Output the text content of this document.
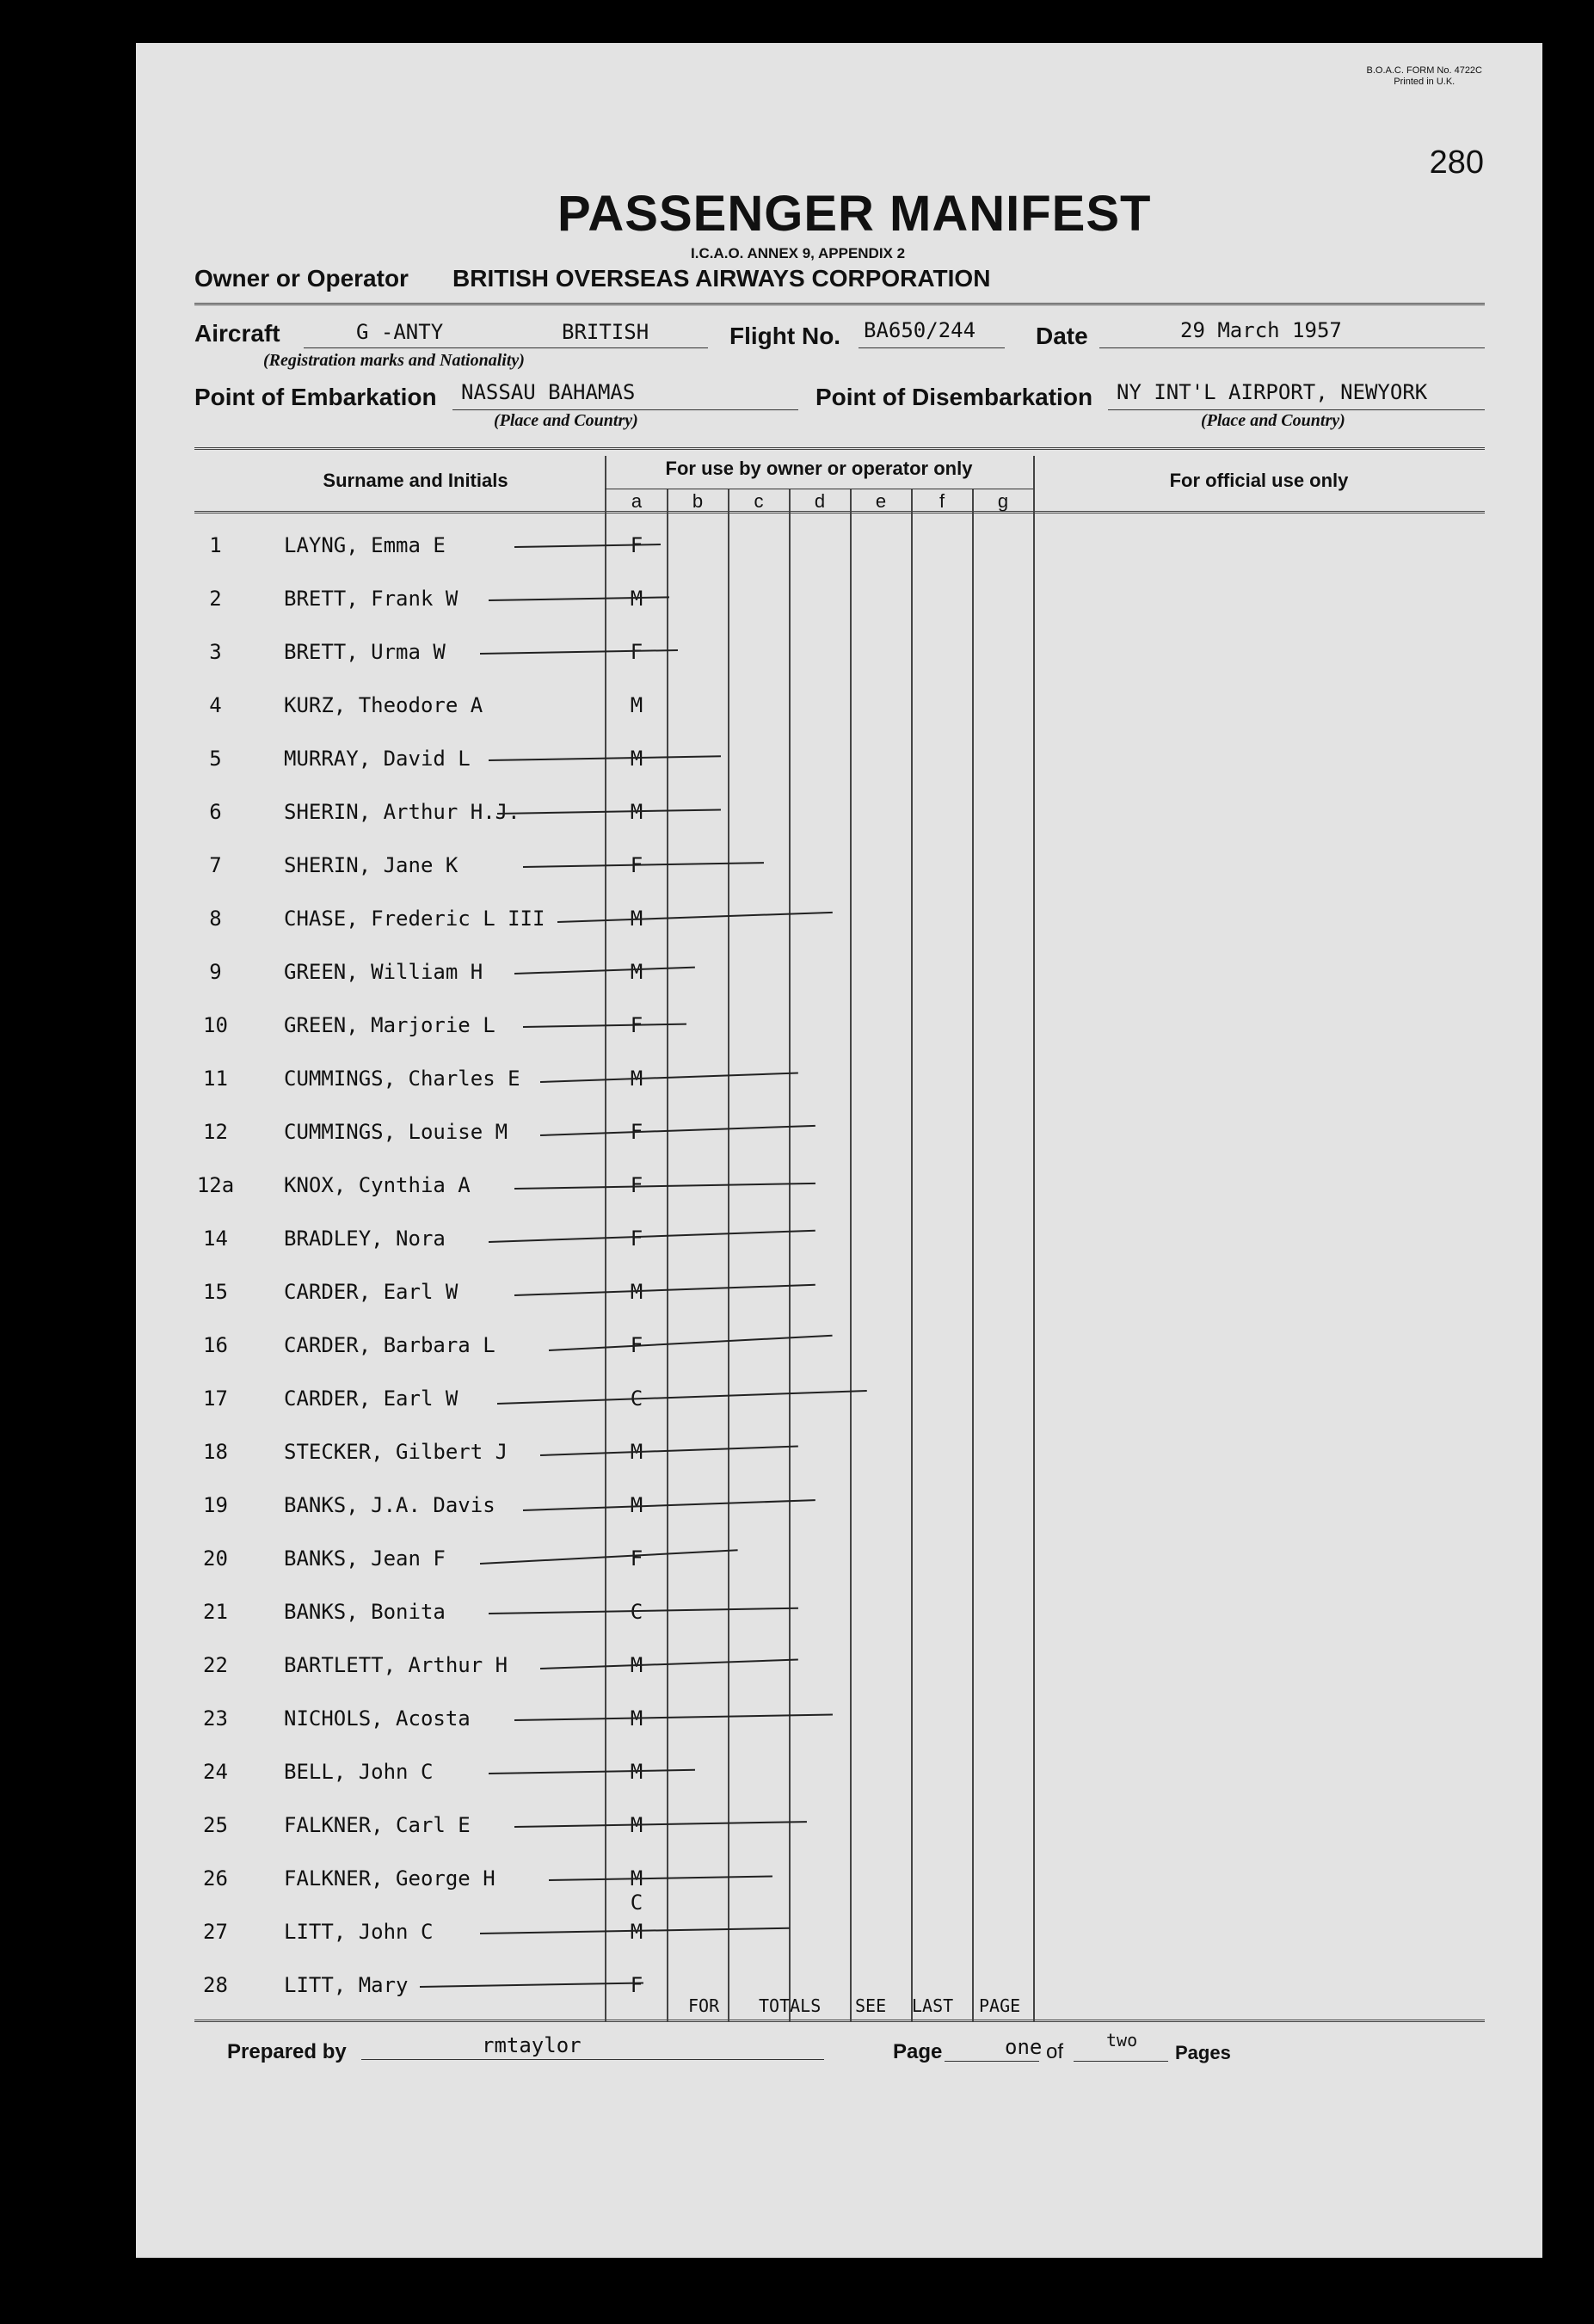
B.O.A.C. FORM No. 4722C
Printed in U.K.
280
PASSENGER MANIFEST
I.C.A.O. ANNEX 9, APPENDIX 2
Owner or Operator BRITISH OVERSEAS AIRWAYS CORPORATION
Aircraft	G -ANTY	BRITISH
(Registration marks and Nationality)
Flight No. BA650/244 Date	29 March 1957
Point of Embarkation NASSAU BAHAMAS
(Place and Country)
Point of Disembarkation NY INT'L AIRPORT, NEWYORK
(Place and Country)
Surname and Initials
For use by owner or operator only
For official use only
a	b	c	d	e	f	g
1	LAYNG, Emma E	F
2	BRETT, Frank W	M
3	BRETT, Urma W	F
4	KURZ, Theodore A	M
5	MURRAY, David L	M
6	SHERIN, Arthur H.J.	M
7	SHERIN, Jane K	F
8	CHASE, Frederic L III	M
9	GREEN, William H	M
10	GREEN, Marjorie L	F
11	CUMMINGS, Charles E	M
12	CUMMINGS, Louise M	F
12a KNOX, Cynthia A	F
14	BRADLEY, Nora	F
15	CARDER, Earl W	M
16	CARDER, Barbara L	F
17	CARDER, Earl W	C
18	STECKER, Gilbert J	M
19	BANKS, J.A. Davis	M
20	BANKS, Jean F	F
21	BANKS, Bonita	C
22	BARTLETT, Arthur H	M
23	NICHOLS, Acosta	M
24	BELL, John C	M
25	FALKNER, Carl E	M
26	FALKNER, George H	M C
27	LITT, John C	M
28	LITT, Mary	F
FOR TOTALS SEE LAST PAGE
Prepared by	rmtaylor	Page	one of two
Pages
